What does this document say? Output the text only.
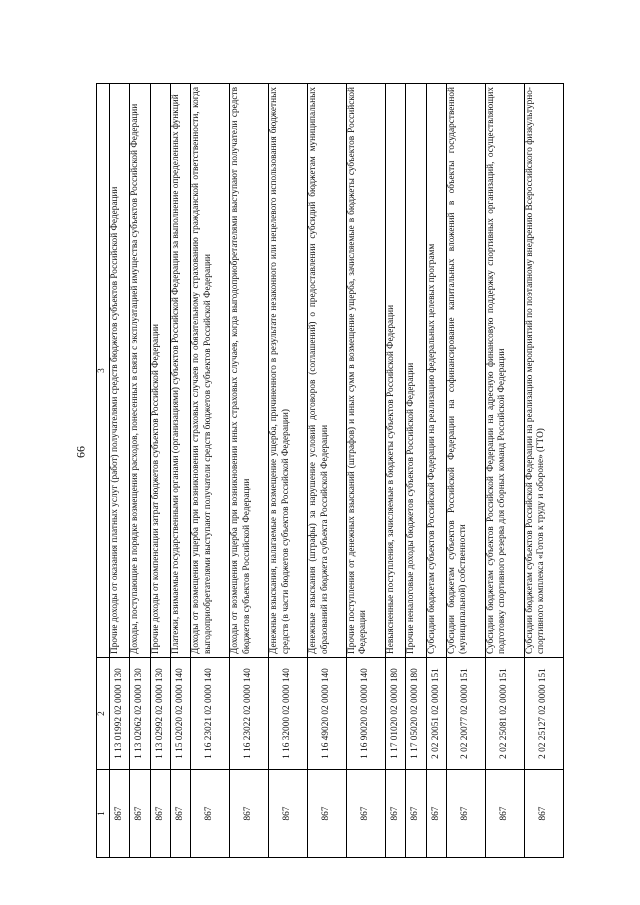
66
1	2	3
867	1 13 01992 02 0000 130	Прочие доходы от оказания платных услуг (работ) получателями средств бюджетов субъектов Российской Федерации
867	1 13 02062 02 0000 130	Доходы, поступающие в порядке возмещения расходов, понесенных в связи с эксплуатацией имущества субъектов Российской Федерации
867	1 13 02992 02 0000 130	Прочие доходы от компенсации затрат бюджетов субъектов Российской Федерации
867	1 15 02020 02 0000 140	Платежи, взимаемые государственными органами (организациями) субъектов Российской Федерации за выполнение определенных функций
867	1 16 23021 02 0000 140	Доходы от возмещения ущерба при возникновении страховых случаев по обязательному страхованию гражданской ответственности, когда выгодоприобретателями выступают получатели средств бюджетов субъектов Российской Федерации
867	1 16 23022 02 0000 140	Доходы от возмещения ущерба при возникновении иных страховых случаев, когда выгодоприобретателями выступают получатели средств бюджетов субъектов Российской Федерации
867	1 16 32000 02 0000 140	Денежные взыскания, налагаемые в возмещение ущерба, причиненного в результате незаконного или нецелевого использования бюджетных средств (в части бюджетов субъектов Российской Федерации)
867	1 16 49020 02 0000 140	Денежные взыскания (штрафы) за нарушение условий договоров (соглашений) о предоставлении субсидий бюджетам муниципальных образований из бюджета субъекта Российской Федерации
867	1 16 90020 02 0000 140	Прочие поступления от денежных взысканий (штрафов) и иных сумм в возмещение ущерба, зачисляемые в бюджеты субъектов Российской Федерации
867	1 17 01020 02 0000 180	Невыясненные поступления, зачисляемые в бюджеты субъектов Российской Федерации
867	1 17 05020 02 0000 180	Прочие неналоговые доходы бюджетов субъектов Российской Федерации
867	2 02 20051 02 0000 151	Субсидии бюджетам субъектов Российской Федерации на реализацию федеральных целевых программ
867	2 02 20077 02 0000 151	Субсидии бюджетам субъектов Российской Федерации на софинансирование капитальных вложений в объекты государственной (муниципальной) собственности
867	2 02 25081 02 0000 151	Субсидии бюджетам субъектов Российской Федерации на адресную финансовую поддержку спортивных организаций, осуществляющих подготовку спортивного резерва для сборных команд Российской Федерации
867	2 02 25127 02 0000 151	Субсидии бюджетам субъектов Российской Федерации на реализацию мероприятий по поэтапному внедрению Всероссийского физкультурно-спортивного комплекса «Готов к труду и обороне» (ГТО)
